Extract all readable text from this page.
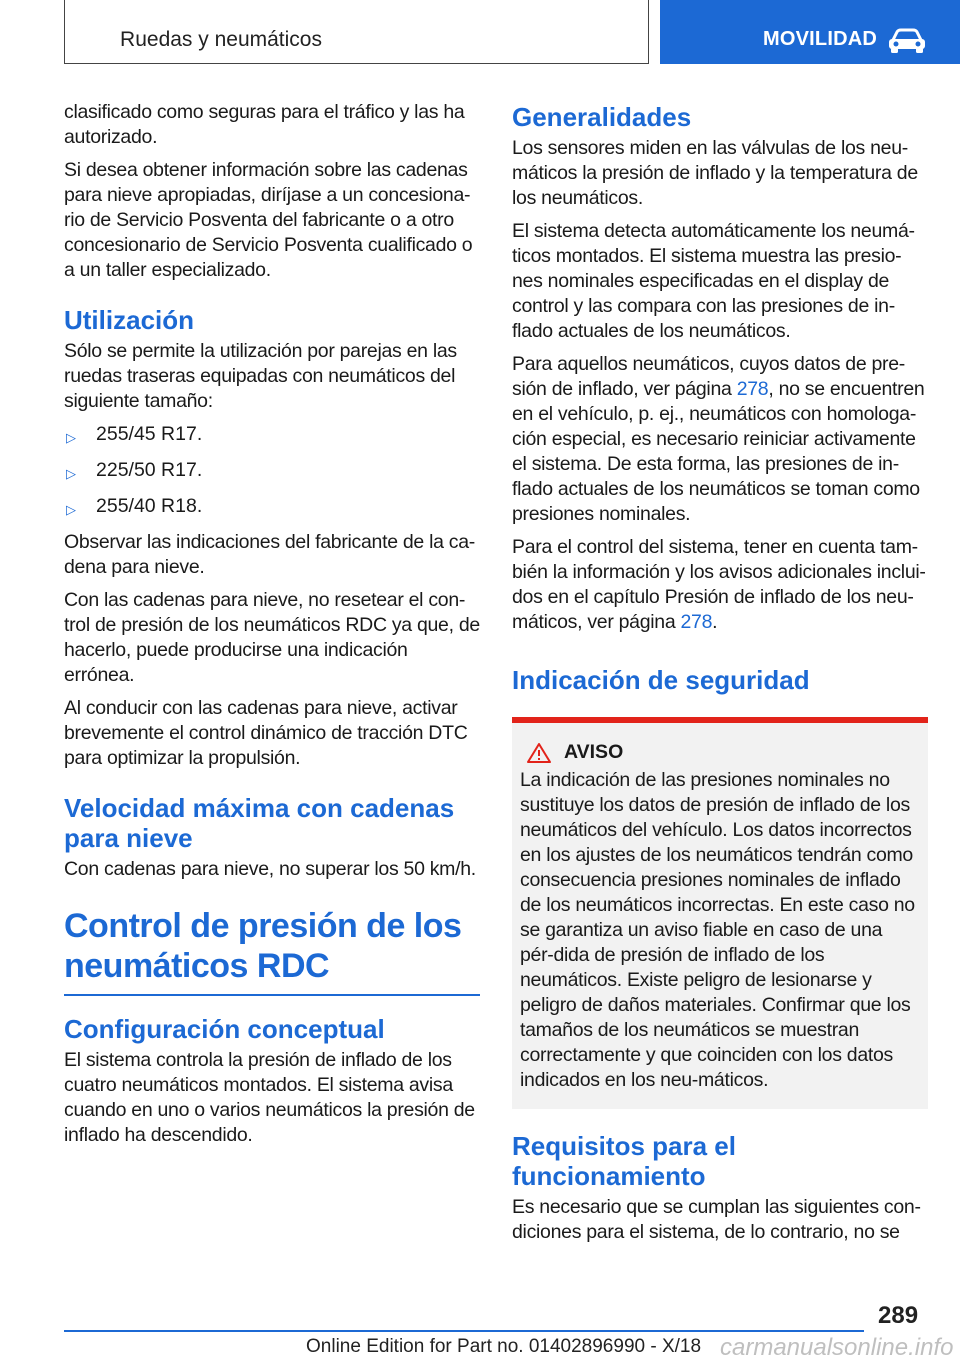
Ruedas y neumáticos	MOVILIDAD

clasificado como seguras para el tráfico y las ha autorizado.

Si desea obtener información sobre las cadenas para nieve apropiadas, diríjase a un concesiona-rio de Servicio Posventa del fabricante o a otro concesionario de Servicio Posventa cualificado o a un taller especializado.

Utilización

Sólo se permite la utilización por parejas en las ruedas traseras equipadas con neumáticos del siguiente tamaño:

▷	255/45 R17.
▷	225/50 R17.
▷	255/40 R18.

Observar las indicaciones del fabricante de la ca-dena para nieve.

Con las cadenas para nieve, no resetear el con-trol de presión de los neumáticos RDC ya que, de hacerlo, puede producirse una indicación errónea.

Al conducir con las cadenas para nieve, activar brevemente el control dinámico de tracción DTC para optimizar la propulsión.

Velocidad máxima con cadenas para nieve

Con cadenas para nieve, no superar los 50 km/h.

Control de presión de los neumáticos RDC
Configuración conceptual

El sistema controla la presión de inflado de los cuatro neumáticos montados. El sistema avisa cuando en uno o varios neumáticos la presión de inflado ha descendido.

Generalidades

Los sensores miden en las válvulas de los neu-máticos la presión de inflado y la temperatura de los neumáticos.

El sistema detecta automáticamente los neumá-ticos montados. El sistema muestra las presio-nes nominales especificadas en el display de control y las compara con las presiones de in-flado actuales de los neumáticos.

Para aquellos neumáticos, cuyos datos de pre-sión de inflado, ver página 278, no se encuentren en el vehículo, p. ej., neumáticos con homologa-ción especial, es necesario reiniciar activamente el sistema. De esta forma, las presiones de in-flado actuales de los neumáticos se toman como presiones nominales.

Para el control del sistema, tener en cuenta tam-bién la información y los avisos adicionales inclui-dos en el capítulo Presión de inflado de los neu-máticos, ver página 278.

Indicación de seguridad
AVISO

La indicación de las presiones nominales no sustituye los datos de presión de inflado de los neumáticos del vehículo. Los datos incorrectos en los ajustes de los neumáticos tendrán como consecuencia presiones nominales de inflado de los neumáticos incorrectas. En este caso no se garantiza un aviso fiable en caso de una pér-dida de presión de inflado de los neumáticos. Existe peligro de lesionarse y peligro de daños materiales. Confirmar que los tamaños de los neumáticos se muestran correctamente y que coinciden con los datos indicados en los neu-máticos.

Requisitos para el funcionamiento

Es necesario que se cumplan las siguientes con-diciones para el sistema, de lo contrario, no se

289
Online Edition for Part no. 01402896990 - X/18 carmanualsonline.info
